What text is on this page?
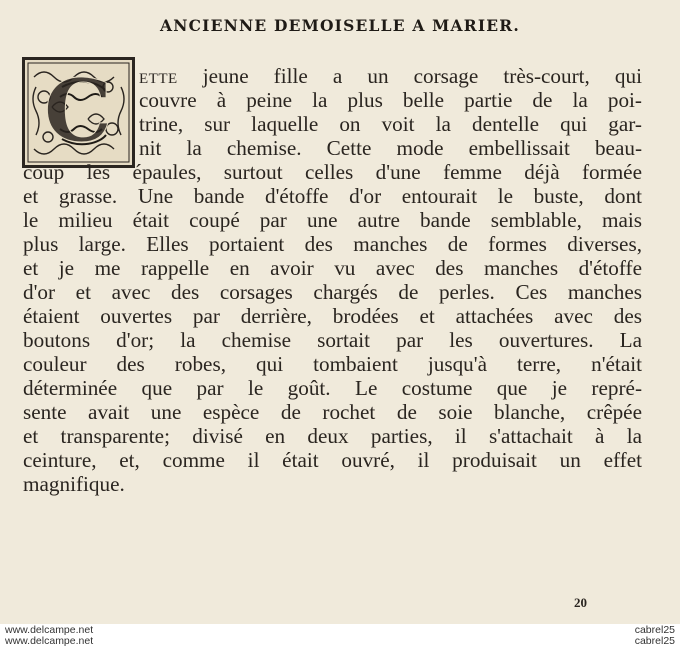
ANCIENNE DEMOISELLE A MARIER.
C ette jeune fille a un corsage très-court, qui
couvre à peine la plus belle partie de la poi-
trine, sur laquelle on voit la dentelle qui gar-
nit la chemise. Cette mode embellissait beau-
coup les épaules, surtout celles d'une femme déjà formée
et grasse. Une bande d'étoffe d'or entourait le buste, dont
le milieu était coupé par une autre bande semblable, mais
plus large. Elles portaient des manches de formes diverses,
et je me rappelle en avoir vu avec des manches d'étoffe
d'or et avec des corsages chargés de perles. Ces manches
étaient ouvertes par derrière, brodées et attachées avec des
boutons d'or; la chemise sortait par les ouvertures. La
couleur des robes, qui tombaient jusqu'à terre, n'était
déterminée que par le goût. Le costume que je repré-
sente avait une espèce de rochet de soie blanche, crêpée
et transparente; divisé en deux parties, il s'attachait à la
ceinture, et, comme il était ouvré, il produisait un effet
magnifique.
20
www.delcampe.net
www.delcampe.net
cabrel25
cabrel25
